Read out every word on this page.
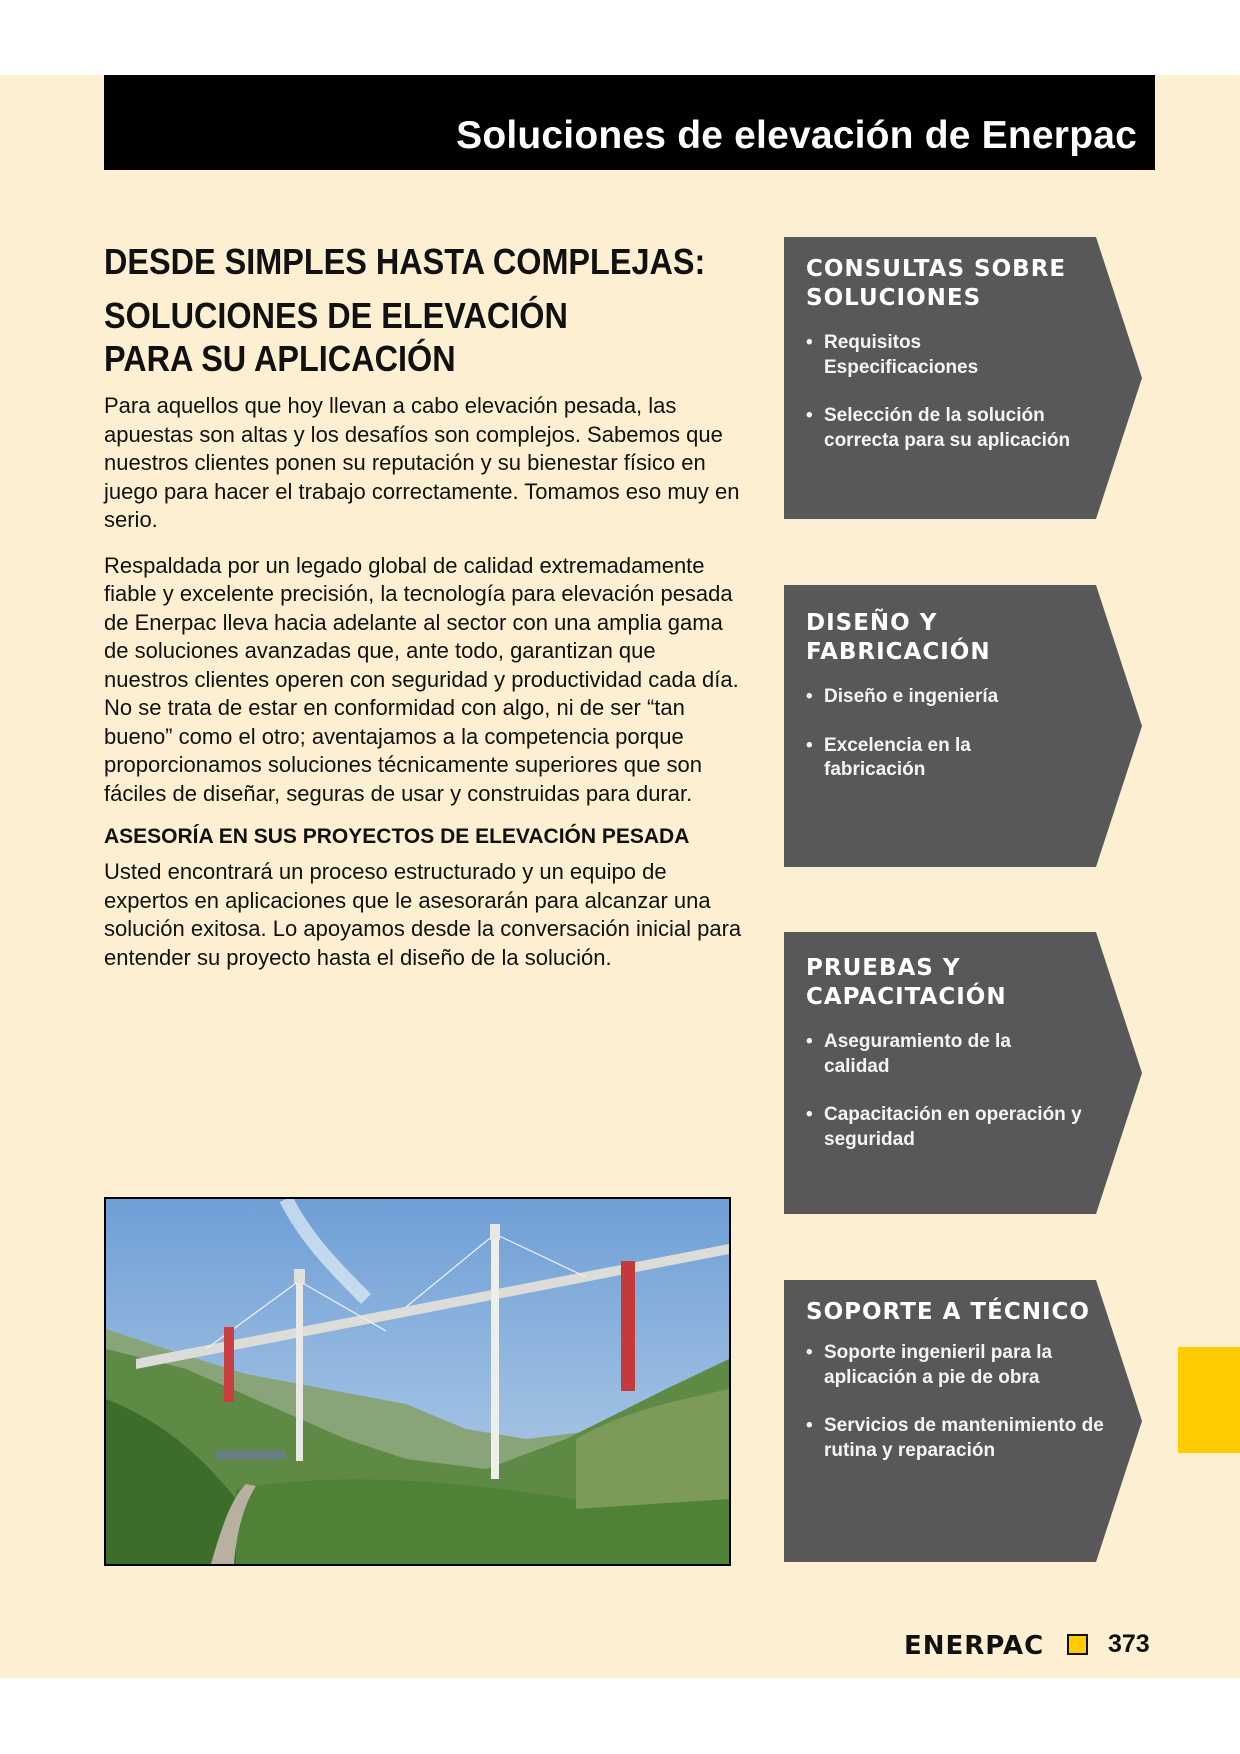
Soluciones de elevación de Enerpac
DESDE SIMPLES HASTA COMPLEJAS:
SOLUCIONES DE ELEVACIÓN PARA SU APLICACIÓN

Para aquellos que hoy llevan a cabo elevación pesada, las apuestas son altas y los desafíos son complejos. Sabemos que nuestros clientes ponen su reputación y su bienestar físico en juego para hacer el trabajo correctamente. Tomamos eso muy en serio.

Respaldada por un legado global de calidad extremadamente fiable y excelente precisión, la tecnología para elevación pesada de Enerpac lleva hacia adelante al sector con una amplia gama de soluciones avanzadas que, ante todo, garantizan que nuestros clientes operen con seguridad y productividad cada día. No se trata de estar en conformidad con algo, ni de ser “tan bueno” como el otro; aventajamos a la competencia porque proporcionamos soluciones técnicamente superiores que son fáciles de diseñar, seguras de usar y construidas para durar.

ASESORÍA EN SUS PROYECTOS DE ELEVACIÓN PESADA

Usted encontrará un proceso estructurado y un equipo de expertos en aplicaciones que le asesorarán para alcanzar una solución exitosa. Lo apoyamos desde la conversación inicial para entender su proyecto hasta el diseño de la solución.

CONSULTAS SOBRE SOLUCIONES
• Requisitos Especificaciones
• Selección de la solución correcta para su aplicación
DISEÑO Y FABRICACIÓN
• Diseño e ingeniería
• Excelencia en la fabricación
PRUEBAS Y CAPACITACIÓN
• Aseguramiento de la calidad
• Capacitación en operación y seguridad
SOPORTE A TÉCNICO
• Soporte ingenieril para la aplicación a pie de obra
• Servicios de mantenimiento de rutina y reparación
ENERPAC	373
